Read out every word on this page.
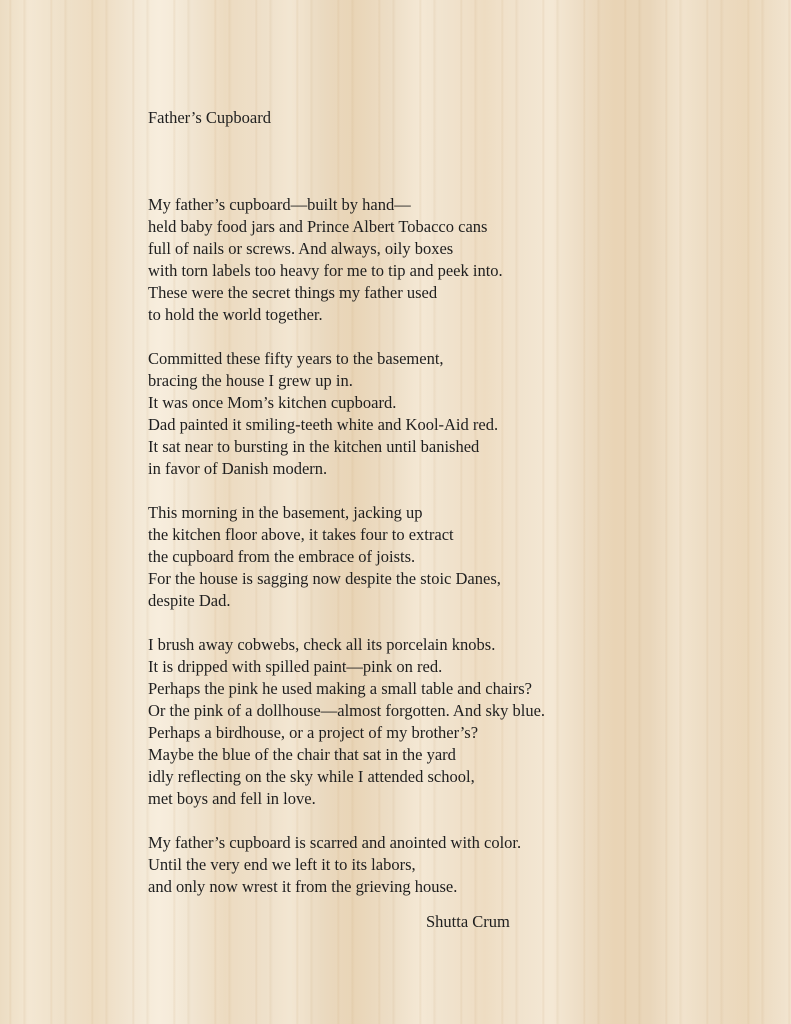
Father’s Cupboard
My father’s cupboard—built by hand—
held baby food jars and Prince Albert Tobacco cans
full of nails or screws. And always, oily boxes
with torn labels too heavy for me to tip and peek into.
These were the secret things my father used
to hold the world together.
Committed these fifty years to the basement,
bracing the house I grew up in.
It was once Mom’s kitchen cupboard.
Dad painted it smiling-teeth white and Kool-Aid red.
It sat near to bursting in the kitchen until banished
in favor of Danish modern.
This morning in the basement, jacking up
the kitchen floor above, it takes four to extract
the cupboard from the embrace of joists.
For the house is sagging now despite the stoic Danes,
despite Dad.
I brush away cobwebs, check all its porcelain knobs.
It is dripped with spilled paint—pink on red.
Perhaps the pink he used making a small table and chairs?
Or the pink of a dollhouse—almost forgotten. And sky blue.
Perhaps a birdhouse, or a project of my brother’s?
Maybe the blue of the chair that sat in the yard
idly reflecting on the sky while I attended school,
met boys and fell in love.
My father’s cupboard is scarred and anointed with color.
Until the very end we left it to its labors,
and only now wrest it from the grieving house.
Shutta Crum
